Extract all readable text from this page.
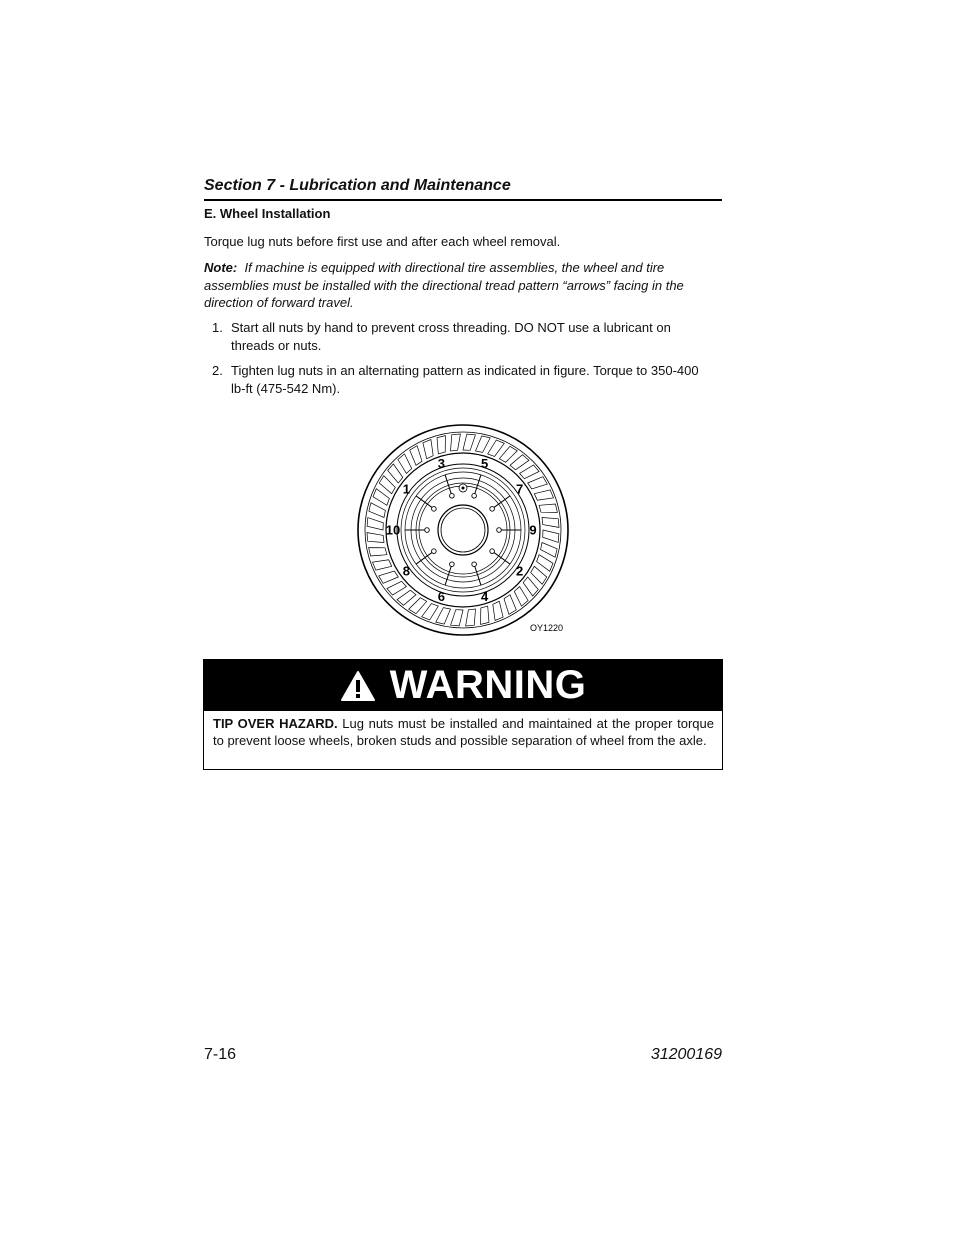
Section 7 - Lubrication and Maintenance
E. Wheel Installation
Torque lug nuts before first use and after each wheel removal.
Note: If machine is equipped with directional tire assemblies, the wheel and tire assemblies must be installed with the directional tread pattern “arrows” facing in the direction of forward travel.
1. Start all nuts by hand to prevent cross threading. DO NOT use a lubricant on threads or nuts.
2. Tighten lug nuts in an alternating pattern as indicated in figure. Torque to 350-400 lb-ft (475-542 Nm).
3	5
1	7
10	9
8	2
6	4
OY1220
WARNING
TIP OVER HAZARD. Lug nuts must be installed and maintained at the proper torque to prevent loose wheels, broken studs and possible separation of wheel from the axle.
7-16	31200169
